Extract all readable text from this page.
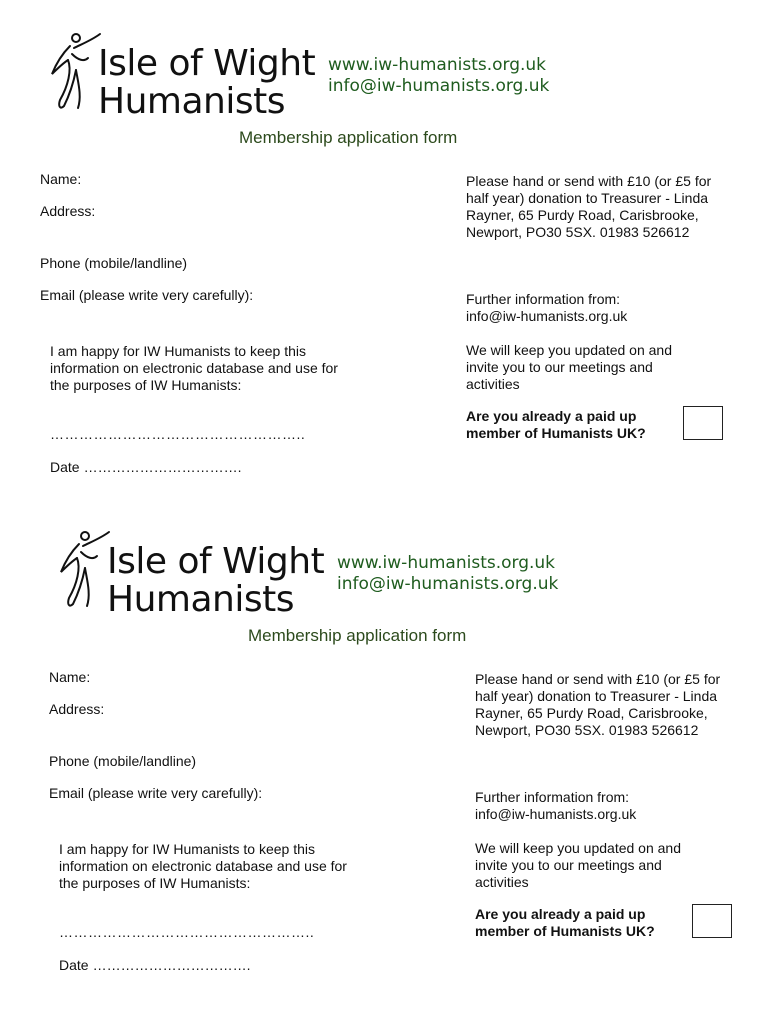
Isle of Wight
Humanists
www.iw-humanists.org.uk
info@iw-humanists.org.uk
Membership application form
Name:
Address:
Phone (mobile/landline)
Email (please write very carefully):
I am happy for IW Humanists to keep this information on electronic database and use for the purposes of IW Humanists:
……………………………………………..
Date …………………………….
Please hand or send with £10 (or £5 for half year) donation to Treasurer - Linda Rayner, 65 Purdy Road, Carisbrooke, Newport, PO30 5SX. 01983 526612
Further information from: info@iw-humanists.org.uk
We will keep you updated on and invite you to our meetings and activities
Are you already a paid up member of Humanists UK?
Isle of Wight
Humanists
www.iw-humanists.org.uk
info@iw-humanists.org.uk
Membership application form
Name:
Address:
Phone (mobile/landline)
Email (please write very carefully):
I am happy for IW Humanists to keep this information on electronic database and use for the purposes of IW Humanists:
……………………………………………..
Date …………………………….
Please hand or send with £10 (or £5 for half year) donation to Treasurer - Linda Rayner, 65 Purdy Road, Carisbrooke, Newport, PO30 5SX. 01983 526612
Further information from: info@iw-humanists.org.uk
We will keep you updated on and invite you to our meetings and activities
Are you already a paid up member of Humanists UK?
